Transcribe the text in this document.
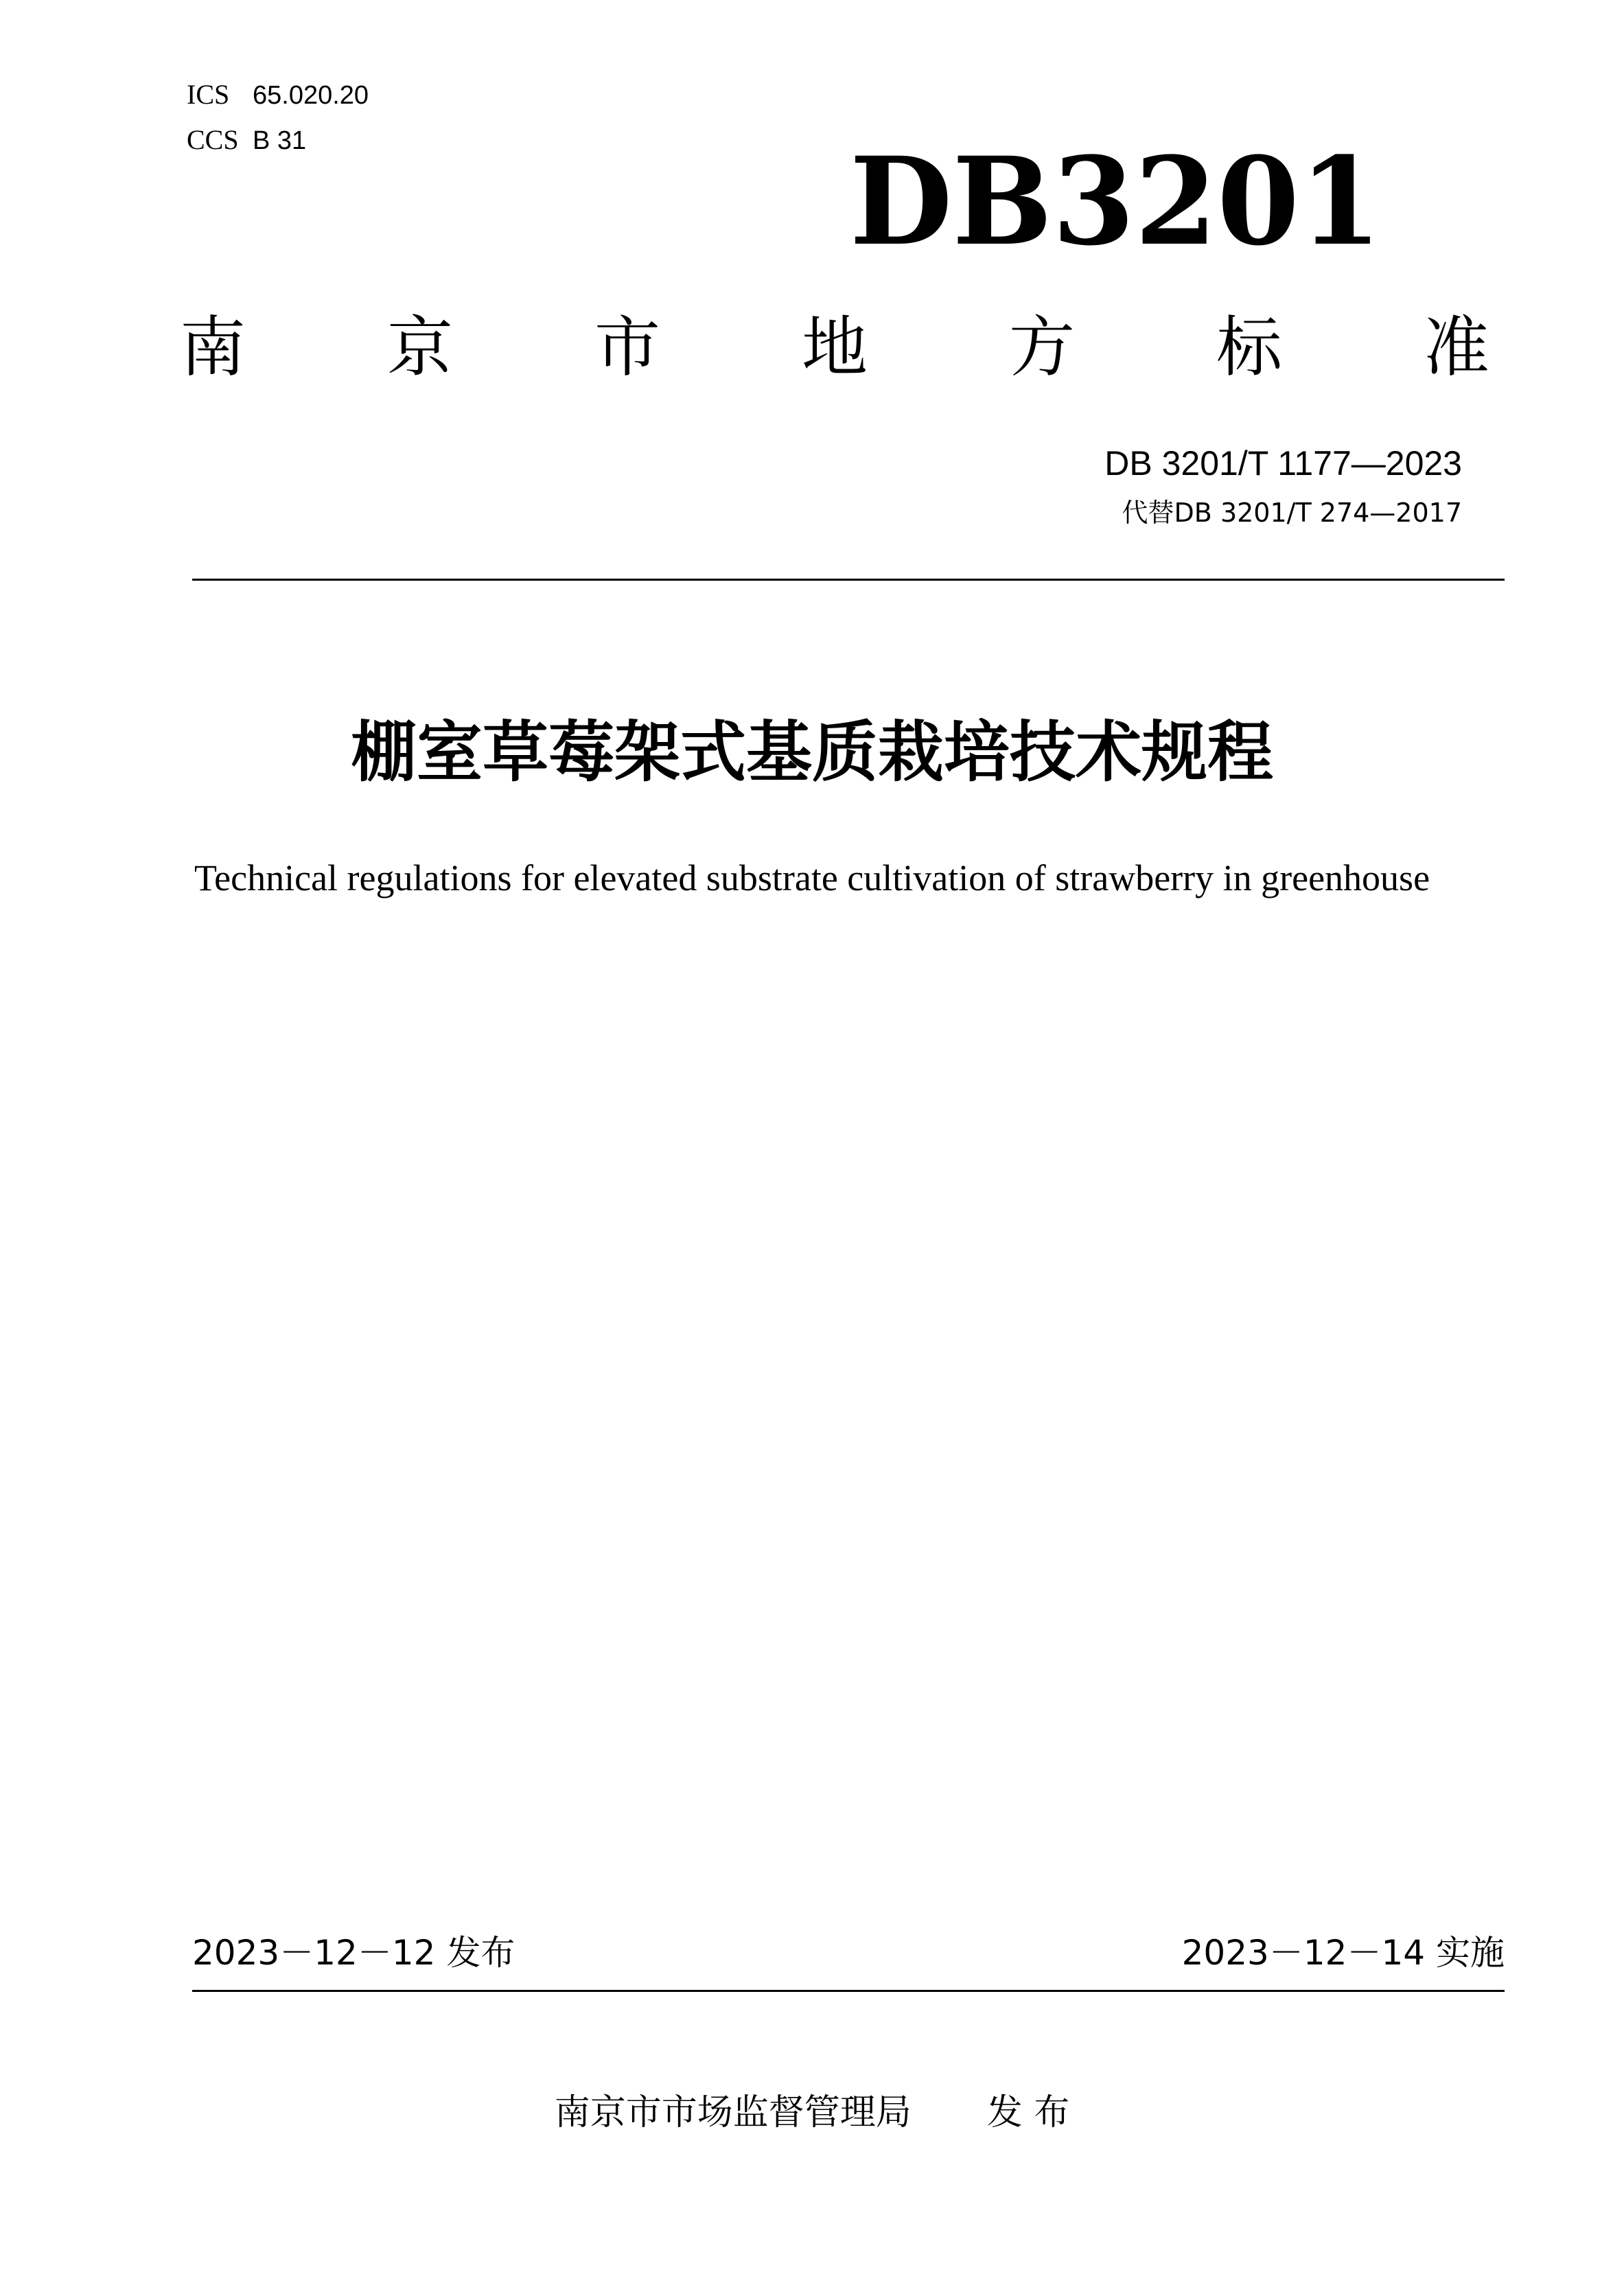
ICS 65.020.20
CCS B 31	DB3201
南 京 市 地 方 标 准
DB 3201/T 1177—2023
代替DB 3201/T 274—2017
棚室草莓架式基质栽培技术规程
Technical regulations for elevated substrate cultivation of strawberry in greenhouse
2023－12－12 发布	2023－12－14 实施
南京市市场监督管理局 发 布
